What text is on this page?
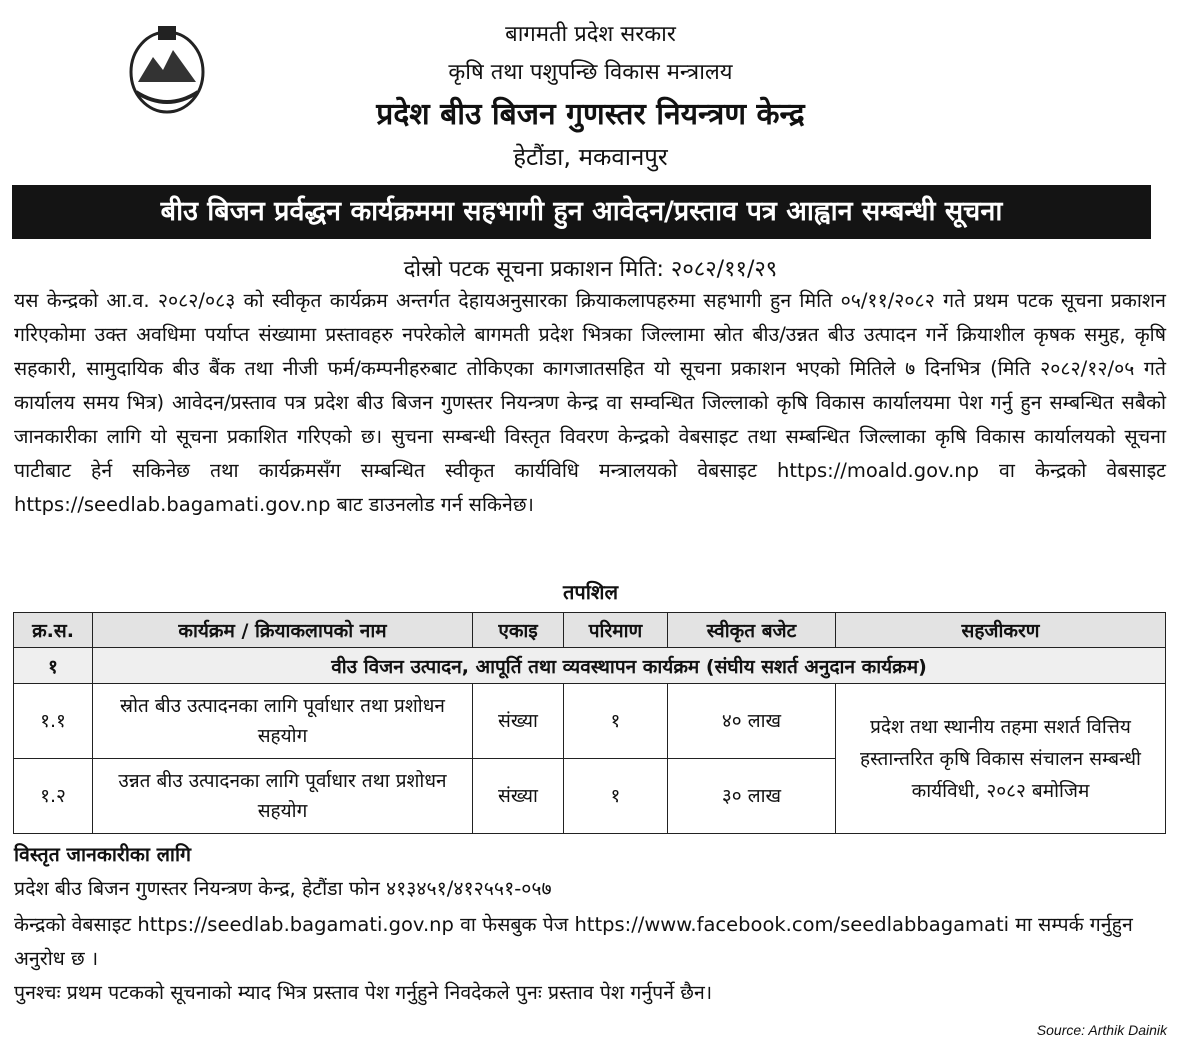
बागमती प्रदेश सरकार
कृषि तथा पशुपन्छि विकास मन्त्रालय
प्रदेश बीउ बिजन गुणस्तर नियन्त्रण केन्द्र
हेटौंडा, मकवानपुर
बीउ बिजन प्रर्वद्धन कार्यक्रममा सहभागी हुन आवेदन/प्रस्ताव पत्र आह्वान सम्बन्धी सूचना
दोस्रो पटक सूचना प्रकाशन मिति: २०८२/११/२९
यस केन्द्रको आ.व. २०८२/०८३ को स्वीकृत कार्यक्रम अन्तर्गत देहायअनुसारका क्रियाकलापहरुमा सहभागी हुन मिति ०५/११/२०८२ गते प्रथम पटक सूचना प्रकाशन गरिएकोमा उक्त अवधिमा पर्याप्त संख्यामा प्रस्तावहरु नपरेकोले बागमती प्रदेश भित्रका जिल्लामा स्रोत बीउ/उन्नत बीउ उत्पादन गर्ने क्रियाशील कृषक समुह, कृषि सहकारी, सामुदायिक बीउ बैंक तथा नीजी फर्म/कम्पनीहरुबाट तोकिएका कागजातसहित यो सूचना प्रकाशन भएको मितिले ७ दिनभित्र (मिति २०८२/१२/०५ गते कार्यालय समय भित्र) आवेदन/प्रस्ताव पत्र प्रदेश बीउ बिजन गुणस्तर नियन्त्रण केन्द्र वा सम्वन्धित जिल्लाको कृषि विकास कार्यालयमा पेश गर्नु हुन सम्बन्धित सबैको जानकारीका लागि यो सूचना प्रकाशित गरिएको छ। सुचना सम्बन्धी विस्तृत विवरण केन्द्रको वेबसाइट तथा सम्बन्धित जिल्लाका कृषि विकास कार्यालयको सूचना पाटीबाट हेर्न सकिनेछ तथा कार्यक्रमसँग सम्बन्धित स्वीकृत कार्यविधि मन्त्रालयको वेबसाइट https://moald.gov.np वा केन्द्रको वेबसाइट https://seedlab.bagamati.gov.np बाट डाउनलोड गर्न सकिनेछ।
तपशिल
क्र.स.	कार्यक्रम / क्रियाकलापको नाम	एकाइ	परिमाण	स्वीकृत बजेट	सहजीकरण
१	वीउ विजन उत्पादन, आपूर्ति तथा व्यवस्थापन कार्यक्रम (संघीय सशर्त अनुदान कार्यक्रम)				
१.१	स्रोत बीउ उत्पादनका लागि पूर्वाधार तथा प्रशोधन सहयोग	संख्या	१	४० लाख	प्रदेश तथा स्थानीय तहमा सशर्त वित्तिय हस्तान्तरित कृषि विकास संचालन सम्बन्धी कार्यविधी, २०८२ बमोजिम
१.२	उन्नत बीउ उत्पादनका लागि पूर्वाधार तथा प्रशोधन सहयोग	संख्या	१	३० लाख	
विस्तृत जानकारीका लागि
प्रदेश बीउ बिजन गुणस्तर नियन्त्रण केन्द्र, हेटौंडा फोन ४१३४५१/४१२५५१-०५७
केन्द्रको वेबसाइट https://seedlab.bagamati.gov.np वा फेसबुक पेज https://www.facebook.com/seedlabbagamati मा सम्पर्क गर्नुहुन अनुरोध छ ।
पुनश्चः प्रथम पटकको सूचनाको म्याद भित्र प्रस्ताव पेश गर्नुहुने निवदेकले पुनः प्रस्ताव पेश गर्नुपर्ने छैन।
Source: Arthik Dainik
